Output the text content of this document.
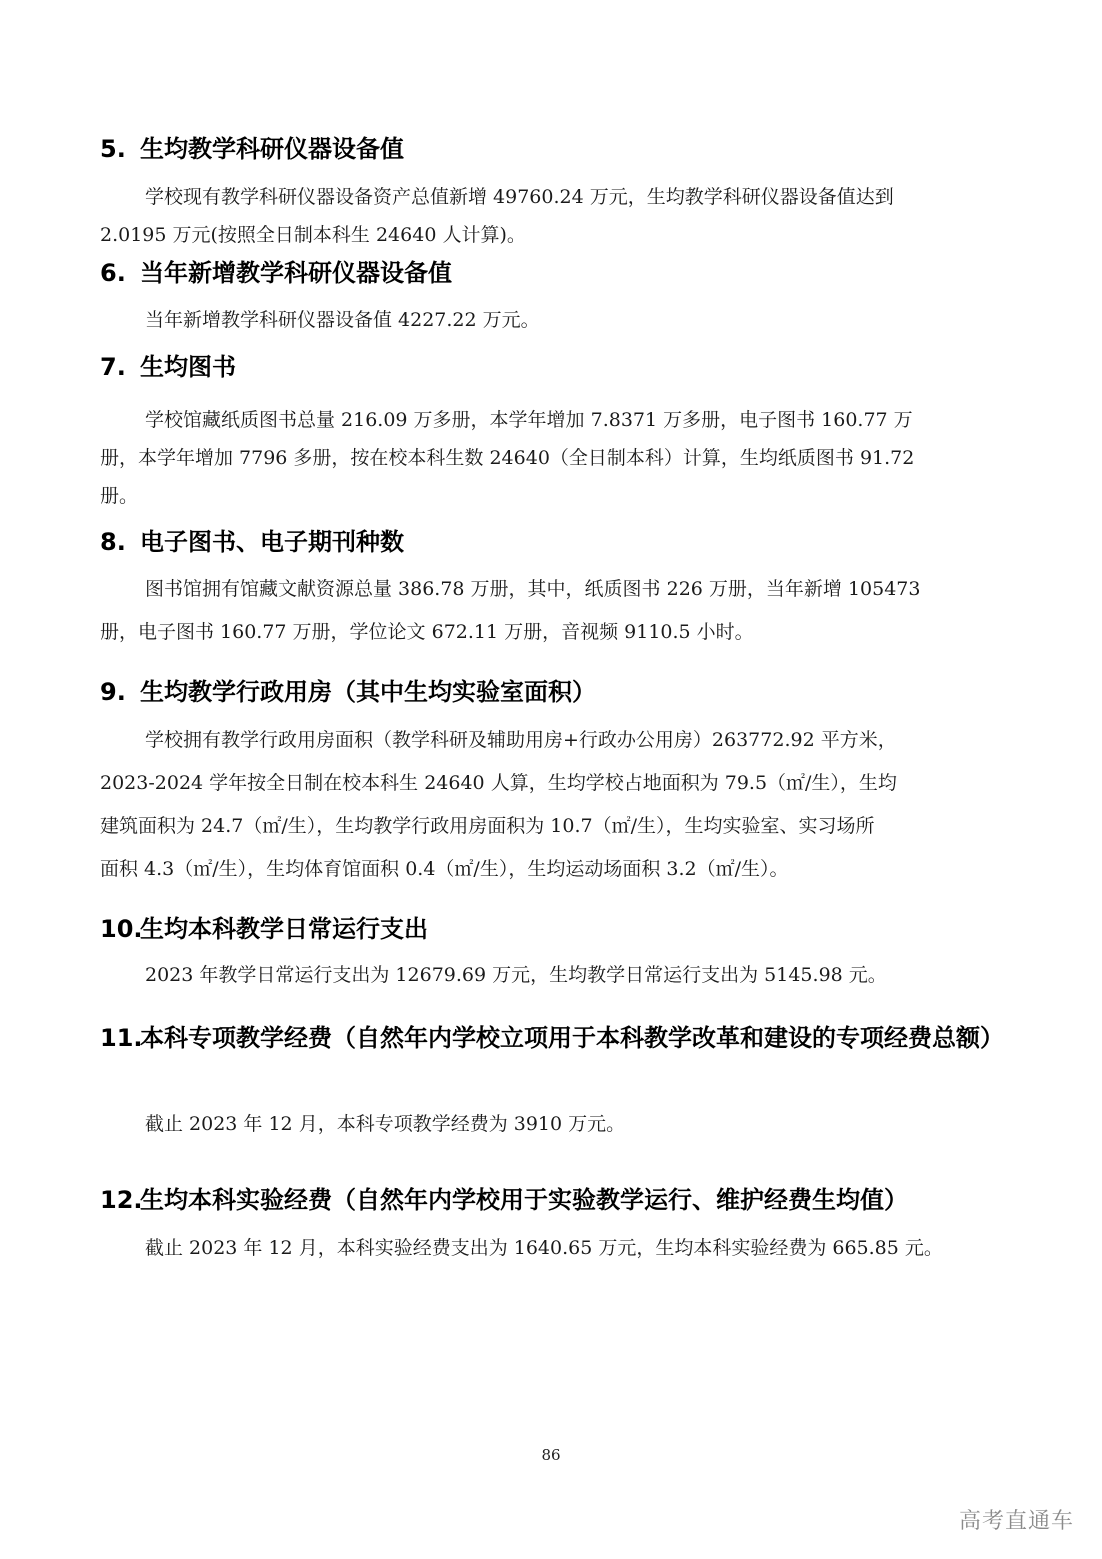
5. 生均教学科研仪器设备值
学校现有教学科研仪器设备资产总值新增 49760.24 万元，生均教学科研仪器设备值达到
2.0195 万元(按照全日制本科生 24640 人计算)。
6. 当年新增教学科研仪器设备值
当年新增教学科研仪器设备值 4227.22 万元。
7. 生均图书
学校馆藏纸质图书总量 216.09 万多册，本学年增加 7.8371 万多册，电子图书 160.77 万
册，本学年增加 7796 多册，按在校本科生数 24640（全日制本科）计算，生均纸质图书 91.72
册。
8. 电子图书、电子期刊种数
图书馆拥有馆藏文献资源总量 386.78 万册，其中，纸质图书 226 万册，当年新增 105473
册，电子图书 160.77 万册，学位论文 672.11 万册，音视频 9110.5 小时。
9. 生均教学行政用房（其中生均实验室面积）
学校拥有教学行政用房面积（教学科研及辅助用房+行政办公用房）263772.92 平方米，
2023-2024 学年按全日制在校本科生 24640 人算，生均学校占地面积为 79.5（㎡/生），生均
建筑面积为 24.7（㎡/生），生均教学行政用房面积为 10.7（㎡/生），生均实验室、实习场所
面积 4.3（㎡/生），生均体育馆面积 0.4（㎡/生），生均运动场面积 3.2（㎡/生）。
10.生均本科教学日常运行支出
2023 年教学日常运行支出为 12679.69 万元，生均教学日常运行支出为 5145.98 元。
11.
本科专项教学经费（自然年内学校立项用于本科教学改革和建设的专项经费总额）
截止 2023 年 12 月，本科专项教学经费为 3910 万元。
12.生均本科实验经费（自然年内学校用于实验教学运行、维护经费生均值）
截止 2023 年 12 月，本科实验经费支出为 1640.65 万元，生均本科实验经费为 665.85 元。
86
高考直通车
